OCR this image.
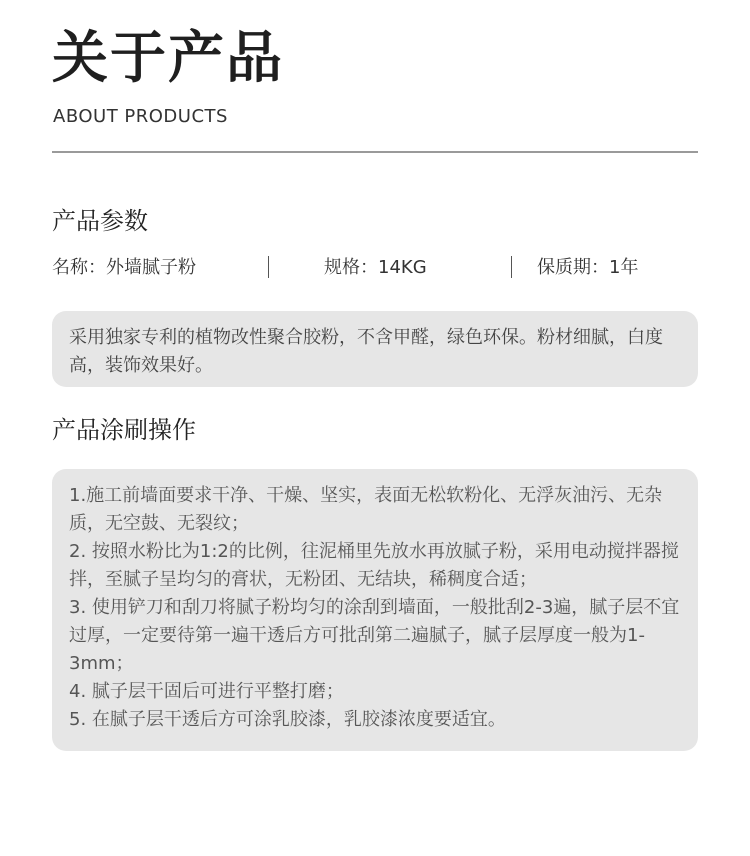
关于产品
ABOUT PRODUCTS
产品参数
名称：外墙腻子粉	规格：14KG	保质期：1年
采用独家专利的植物改性聚合胶粉，不含甲醛，绿色环保。粉材细腻，白度高，装饰效果好。
产品涂刷操作

1.施工前墙面要求干净、干燥、坚实，表面无松软粉化、无浮灰油污、无杂质，无空鼓、无裂纹；

2. 按照水粉比为1:2的比例，往泥桶里先放水再放腻子粉，采用电动搅拌器搅拌，至腻子呈均匀的膏状，无粉团、无结块，稀稠度合适；

3. 使用铲刀和刮刀将腻子粉均匀的涂刮到墙面，一般批刮2-3遍，腻子层不宜过厚，一定要待第一遍干透后方可批刮第二遍腻子，腻子层厚度一般为1-3mm；

4. 腻子层干固后可进行平整打磨；

5. 在腻子层干透后方可涂乳胶漆，乳胶漆浓度要适宜。
